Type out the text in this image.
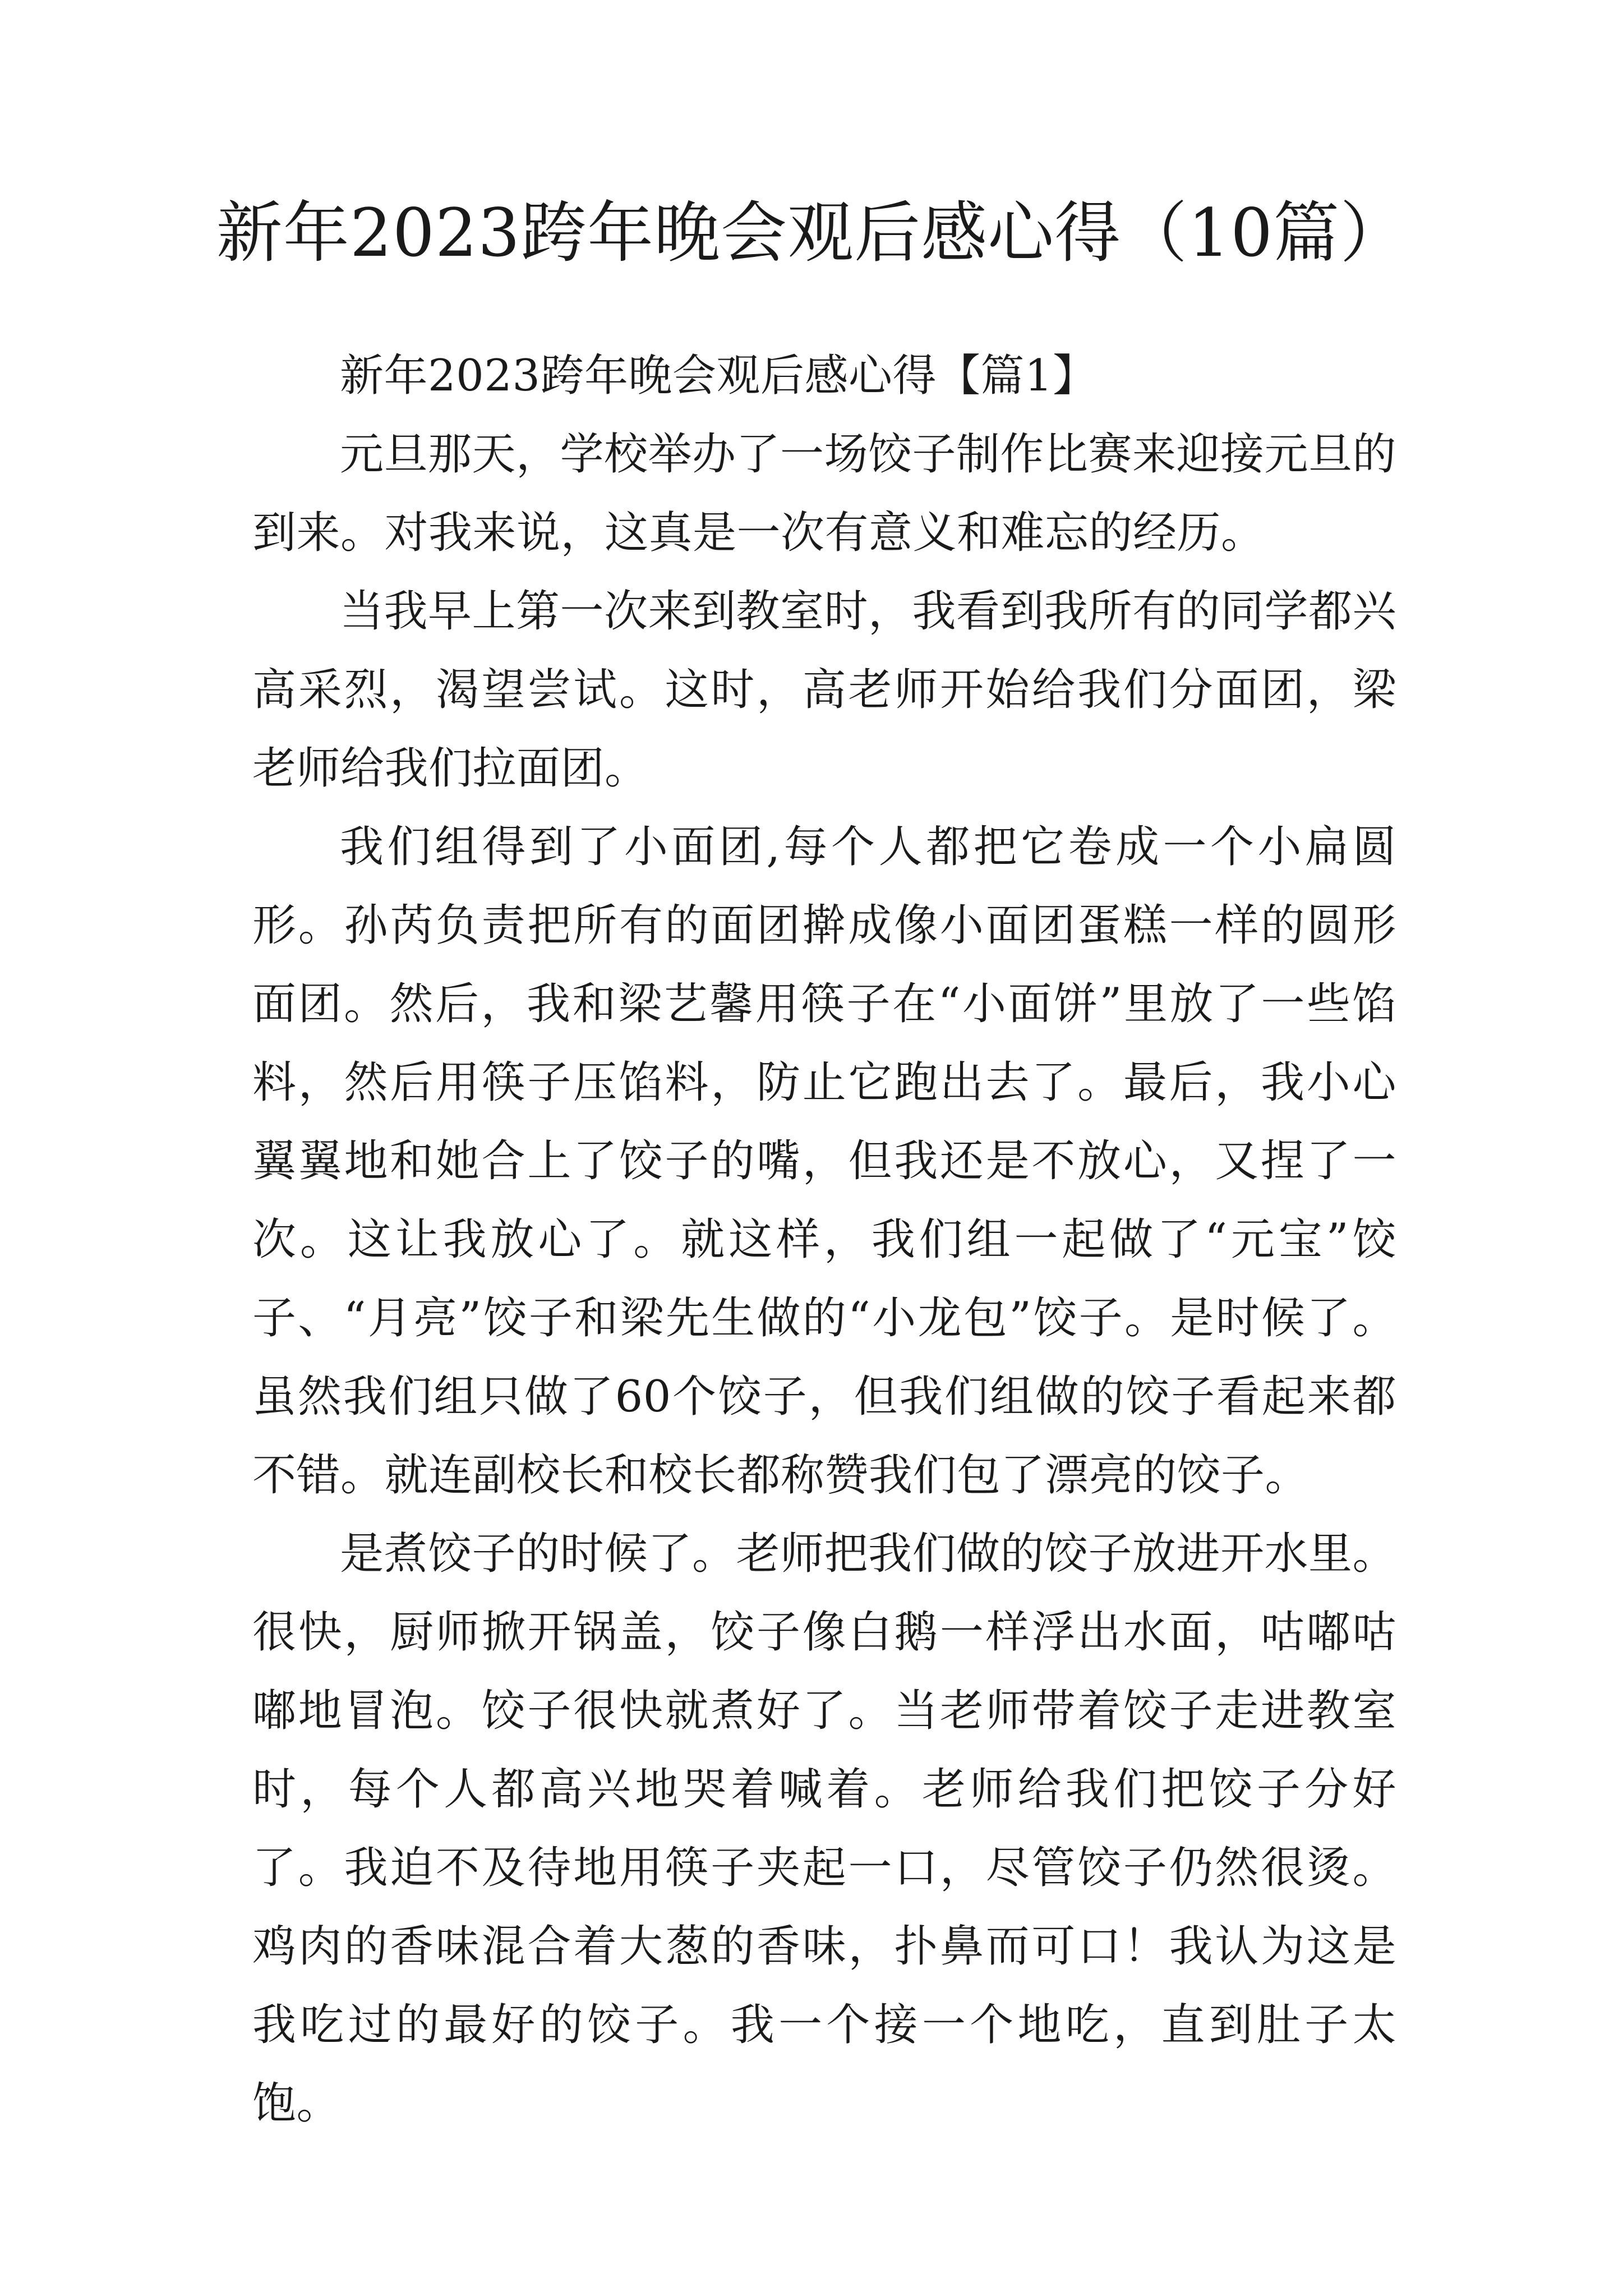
新年2023跨年晚会观后感心得（10篇）

新年2023跨年晚会观后感心得【篇1】

元旦那天，学校举办了一场饺子制作比赛来迎接元旦的到来。对我来说，这真是一次有意义和难忘的经历。

当我早上第一次来到教室时，我看到我所有的同学都兴高采烈，渴望尝试。这时，高老师开始给我们分面团，梁老师给我们拉面团。

我们组得到了小面团,每个人都把它卷成一个小扁圆形。孙芮负责把所有的面团擀成像小面团蛋糕一样的圆形面团。然后，我和梁艺馨用筷子在“小面饼”里放了一些馅料，然后用筷子压馅料，防止它跑出去了。最后，我小心翼翼地和她合上了饺子的嘴，但我还是不放心，又捏了一次。这让我放心了。就这样，我们组一起做了“元宝”饺子、“月亮”饺子和梁先生做的“小龙包”饺子。是时候了。虽然我们组只做了60个饺子，但我们组做的饺子看起来都不错。就连副校长和校长都称赞我们包了漂亮的饺子。

是煮饺子的时候了。老师把我们做的饺子放进开水里。很快，厨师掀开锅盖，饺子像白鹅一样浮出水面，咕嘟咕嘟地冒泡。饺子很快就煮好了。当老师带着饺子走进教室时，每个人都高兴地哭着喊着。老师给我们把饺子分好了。我迫不及待地用筷子夹起一口，尽管饺子仍然很烫。鸡肉的香味混合着大葱的香味，扑鼻而可口！我认为这是我吃过的最好的饺子。我一个接一个地吃，直到肚子太饱。
